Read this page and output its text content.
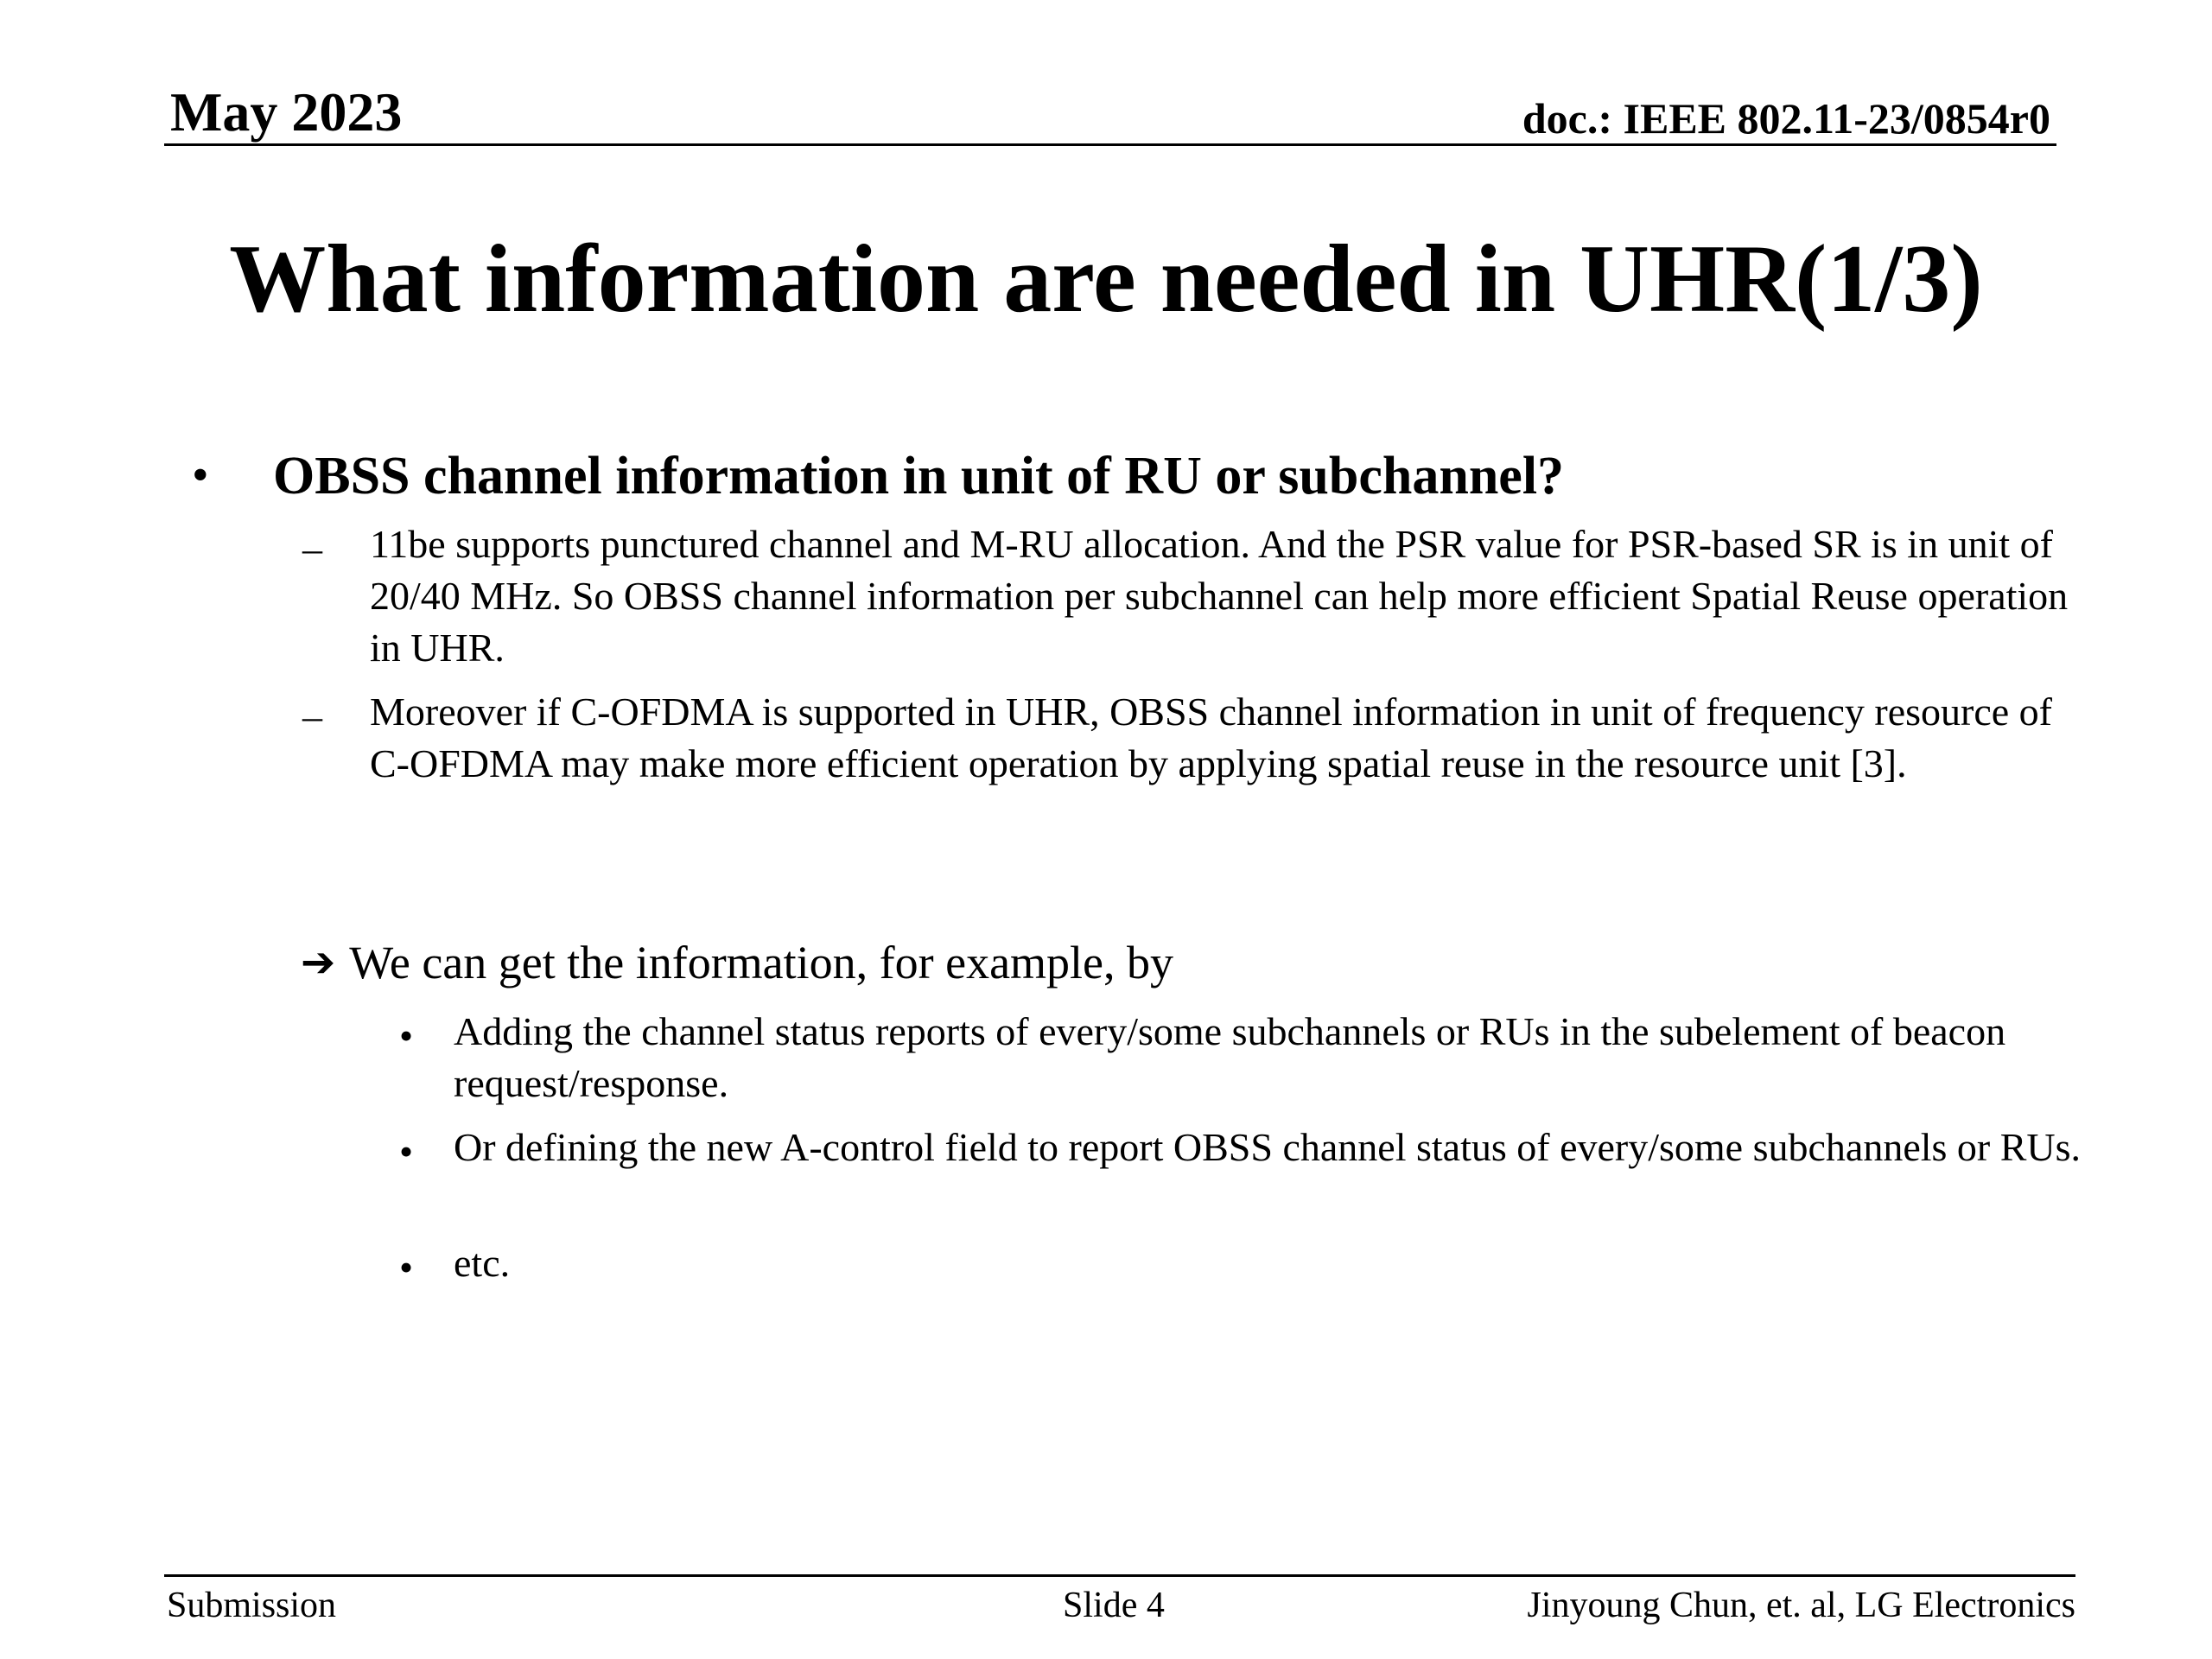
May 2023	doc.: IEEE 802.11-23/0854r0
What information are needed in UHR(1/3)
• OBSS channel information in unit of RU or subchannel?
– 11be supports punctured channel and M-RU allocation. And the PSR value for PSR-based SR is in unit of 20/40 MHz. So OBSS channel information per subchannel can help more efficient Spatial Reuse operation in UHR.
– Moreover if C-OFDMA is supported in UHR, OBSS channel information in unit of frequency resource of C-OFDMA may make more efficient operation by applying spatial reuse in the resource unit [3].
➔ We can get the information, for example, by
• Adding the channel status reports of every/some subchannels or RUs in the subelement of beacon request/response.
• Or defining the new A-control field to report OBSS channel status of every/some subchannels or RUs.
• etc.
Submission	Slide 4	Jinyoung Chun, et. al, LG Electronics
